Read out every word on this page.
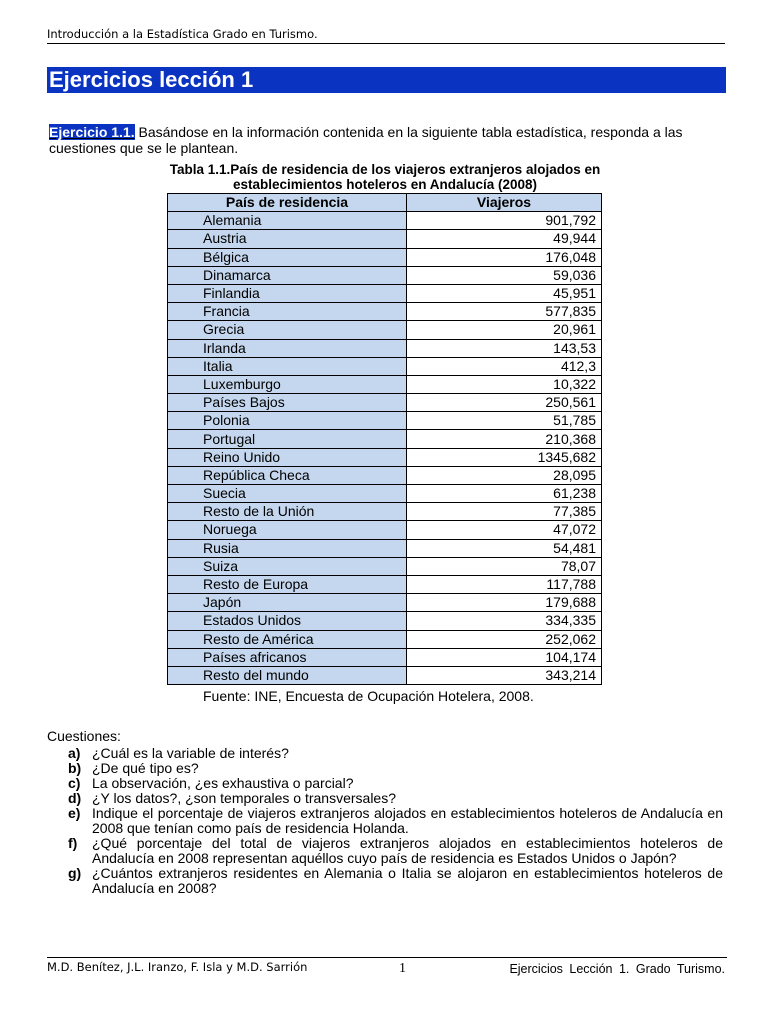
Introducción a la Estadística Grado en Turismo.
Ejercicios lección 1
Ejercicio 1.1. Basándose en la información contenida en la siguiente tabla estadística, responda a las cuestiones que se le plantean.
Tabla 1.1.País de residencia de los viajeros extranjeros alojados en establecimientos hoteleros en Andalucía (2008)
País de residencia	Viajeros
Alemania	901,792
Austria	49,944
Bélgica	176,048
Dinamarca	59,036
Finlandia	45,951
Francia	577,835
Grecia	20,961
Irlanda	143,53
Italia	412,3
Luxemburgo	10,322
Países Bajos	250,561
Polonia	51,785
Portugal	210,368
Reino Unido	1345,682
República Checa	28,095
Suecia	61,238
Resto de la Unión	77,385
Noruega	47,072
Rusia	54,481
Suiza	78,07
Resto de Europa	117,788
Japón	179,688
Estados Unidos	334,335
Resto de América	252,062
Países africanos	104,174
Resto del mundo	343,214
Fuente: INE, Encuesta de Ocupación Hotelera, 2008.
Cuestiones:
a) ¿Cuál es la variable de interés?
b) ¿De qué tipo es?
c) La observación, ¿es exhaustiva o parcial?
d) ¿Y los datos?, ¿son temporales o transversales?
e) Indique el porcentaje de viajeros extranjeros alojados en establecimientos hoteleros de Andalucía en 2008 que tenían como país de residencia Holanda.
f)	¿Qué porcentaje del total de viajeros extranjeros alojados en establecimientos hoteleros de Andalucía en 2008 representan aquéllos cuyo país de residencia es Estados Unidos o Japón?
g) ¿Cuántos extranjeros residentes en Alemania o Italia se alojaron en establecimientos hoteleros de Andalucía en 2008?
M.D. Benítez, J.L. Iranzo, F. Isla y M.D. Sarrión	1	Ejercicios Lección 1. Grado Turismo.
